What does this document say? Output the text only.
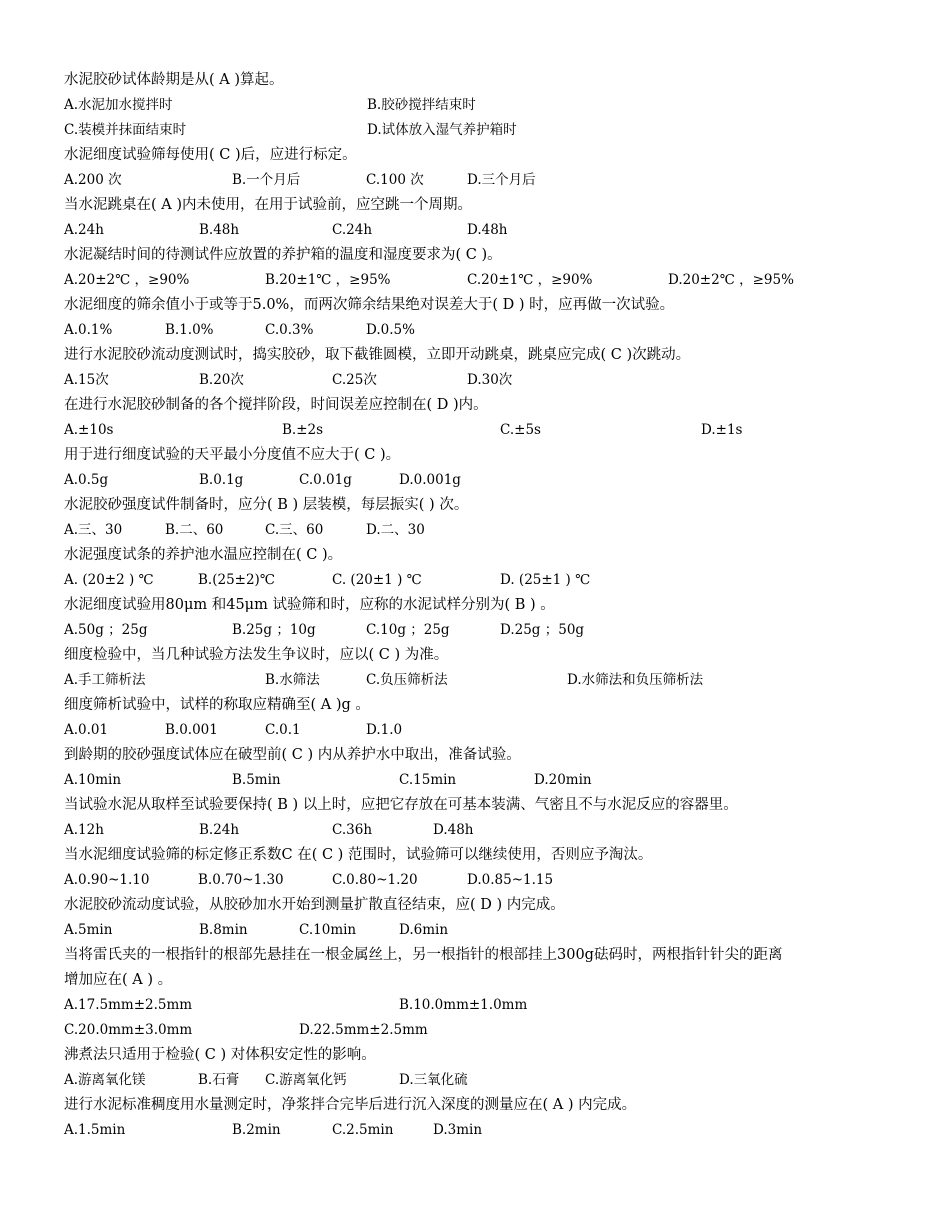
水泥胶砂试体龄期是从( A )算起。
A.水泥加水搅拌时	B.胶砂搅拌结束时
C.装模并抹面结束时	D.试体放入湿气养护箱时
水泥细度试验筛每使用( C )后，应进行标定。
A.200 次	B.一个月后	C.100 次	D.三个月后
当水泥跳桌在( A )内未使用，在用于试验前，应空跳一个周期。
A.24h	B.48h	C.24h	D.48h
水泥凝结时间的待测试件应放置的养护箱的温度和湿度要求为( C )。
A.20±2℃ ，≥90%	B.20±1℃ ，≥95%	C.20±1℃ ，≥90%	D.20±2℃ ，≥95%
水泥细度的筛余值小于或等于5.0%，而两次筛余结果绝对误差大于( D ) 时，应再做一次试验。
A.0.1%	B.1.0%	C.0.3%	D.0.5%
进行水泥胶砂流动度测试时，捣实胶砂，取下截锥圆模，立即开动跳桌，跳桌应完成( C )次跳动。
A.15次	B.20次	C.25次	D.30次
在进行水泥胶砂制备的各个搅拌阶段，时间误差应控制在( D )内。
A.±10s	B.±2s	C.±5s	D.±1s
用于进行细度试验的天平最小分度值不应大于( C )。
A.0.5g	B.0.1g	C.0.01g	D.0.001g
水泥胶砂强度试件制备时，应分( B ) 层装模，每层振实( ) 次。
A.三、30	B.二、60	C.三、60	D.二、30
水泥强度试条的养护池水温应控制在( C )。
A. (20±2 ) ℃	B.(25±2)℃	C. (20±1 ) ℃	D. (25±1 ) ℃
水泥细度试验用80μm 和45μm 试验筛和时，应称的水泥试样分别为( B ) 。
A.50g ；25g	B.25g ；10g	C.10g ；25g	D.25g ；50g
细度检验中，当几种试验方法发生争议时，应以( C ) 为准。
A.手工筛析法	B.水筛法	C.负压筛析法	D.水筛法和负压筛析法
细度筛析试验中，试样的称取应精确至( A )g 。
A.0.01	B.0.001	C.0.1	D.1.0
到龄期的胶砂强度试体应在破型前( C ) 内从养护水中取出，准备试验。
A.10min	B.5min	C.15min	D.20min
当试验水泥从取样至试验要保持( B ) 以上时，应把它存放在可基本装满、气密且不与水泥反应的容器里。
A.12h	B.24h	C.36h	D.48h
当水泥细度试验筛的标定修正系数C 在( C ) 范围时，试验筛可以继续使用，否则应予淘汰。
A.0.90~1.10	B.0.70~1.30	C.0.80~1.20	D.0.85~1.15
水泥胶砂流动度试验，从胶砂加水开始到测量扩散直径结束，应( D ) 内完成。
A.5min	B.8min	C.10min	D.6min
当将雷氏夹的一根指针的根部先悬挂在一根金属丝上，另一根指针的根部挂上300g砝码时，两根指针针尖的距离
增加应在( A ) 。
A.17.5mm±2.5mm	B.10.0mm±1.0mm
C.20.0mm±3.0mm	D.22.5mm±2.5mm
沸煮法只适用于检验( C ) 对体积安定性的影响。
A.游离氧化镁	B.石膏 C.游离氧化钙	D.三氧化硫
进行水泥标准稠度用水量测定时，净浆拌合完毕后进行沉入深度的测量应在( A ) 内完成。
A.1.5min	B.2min	C.2.5min	D.3min
